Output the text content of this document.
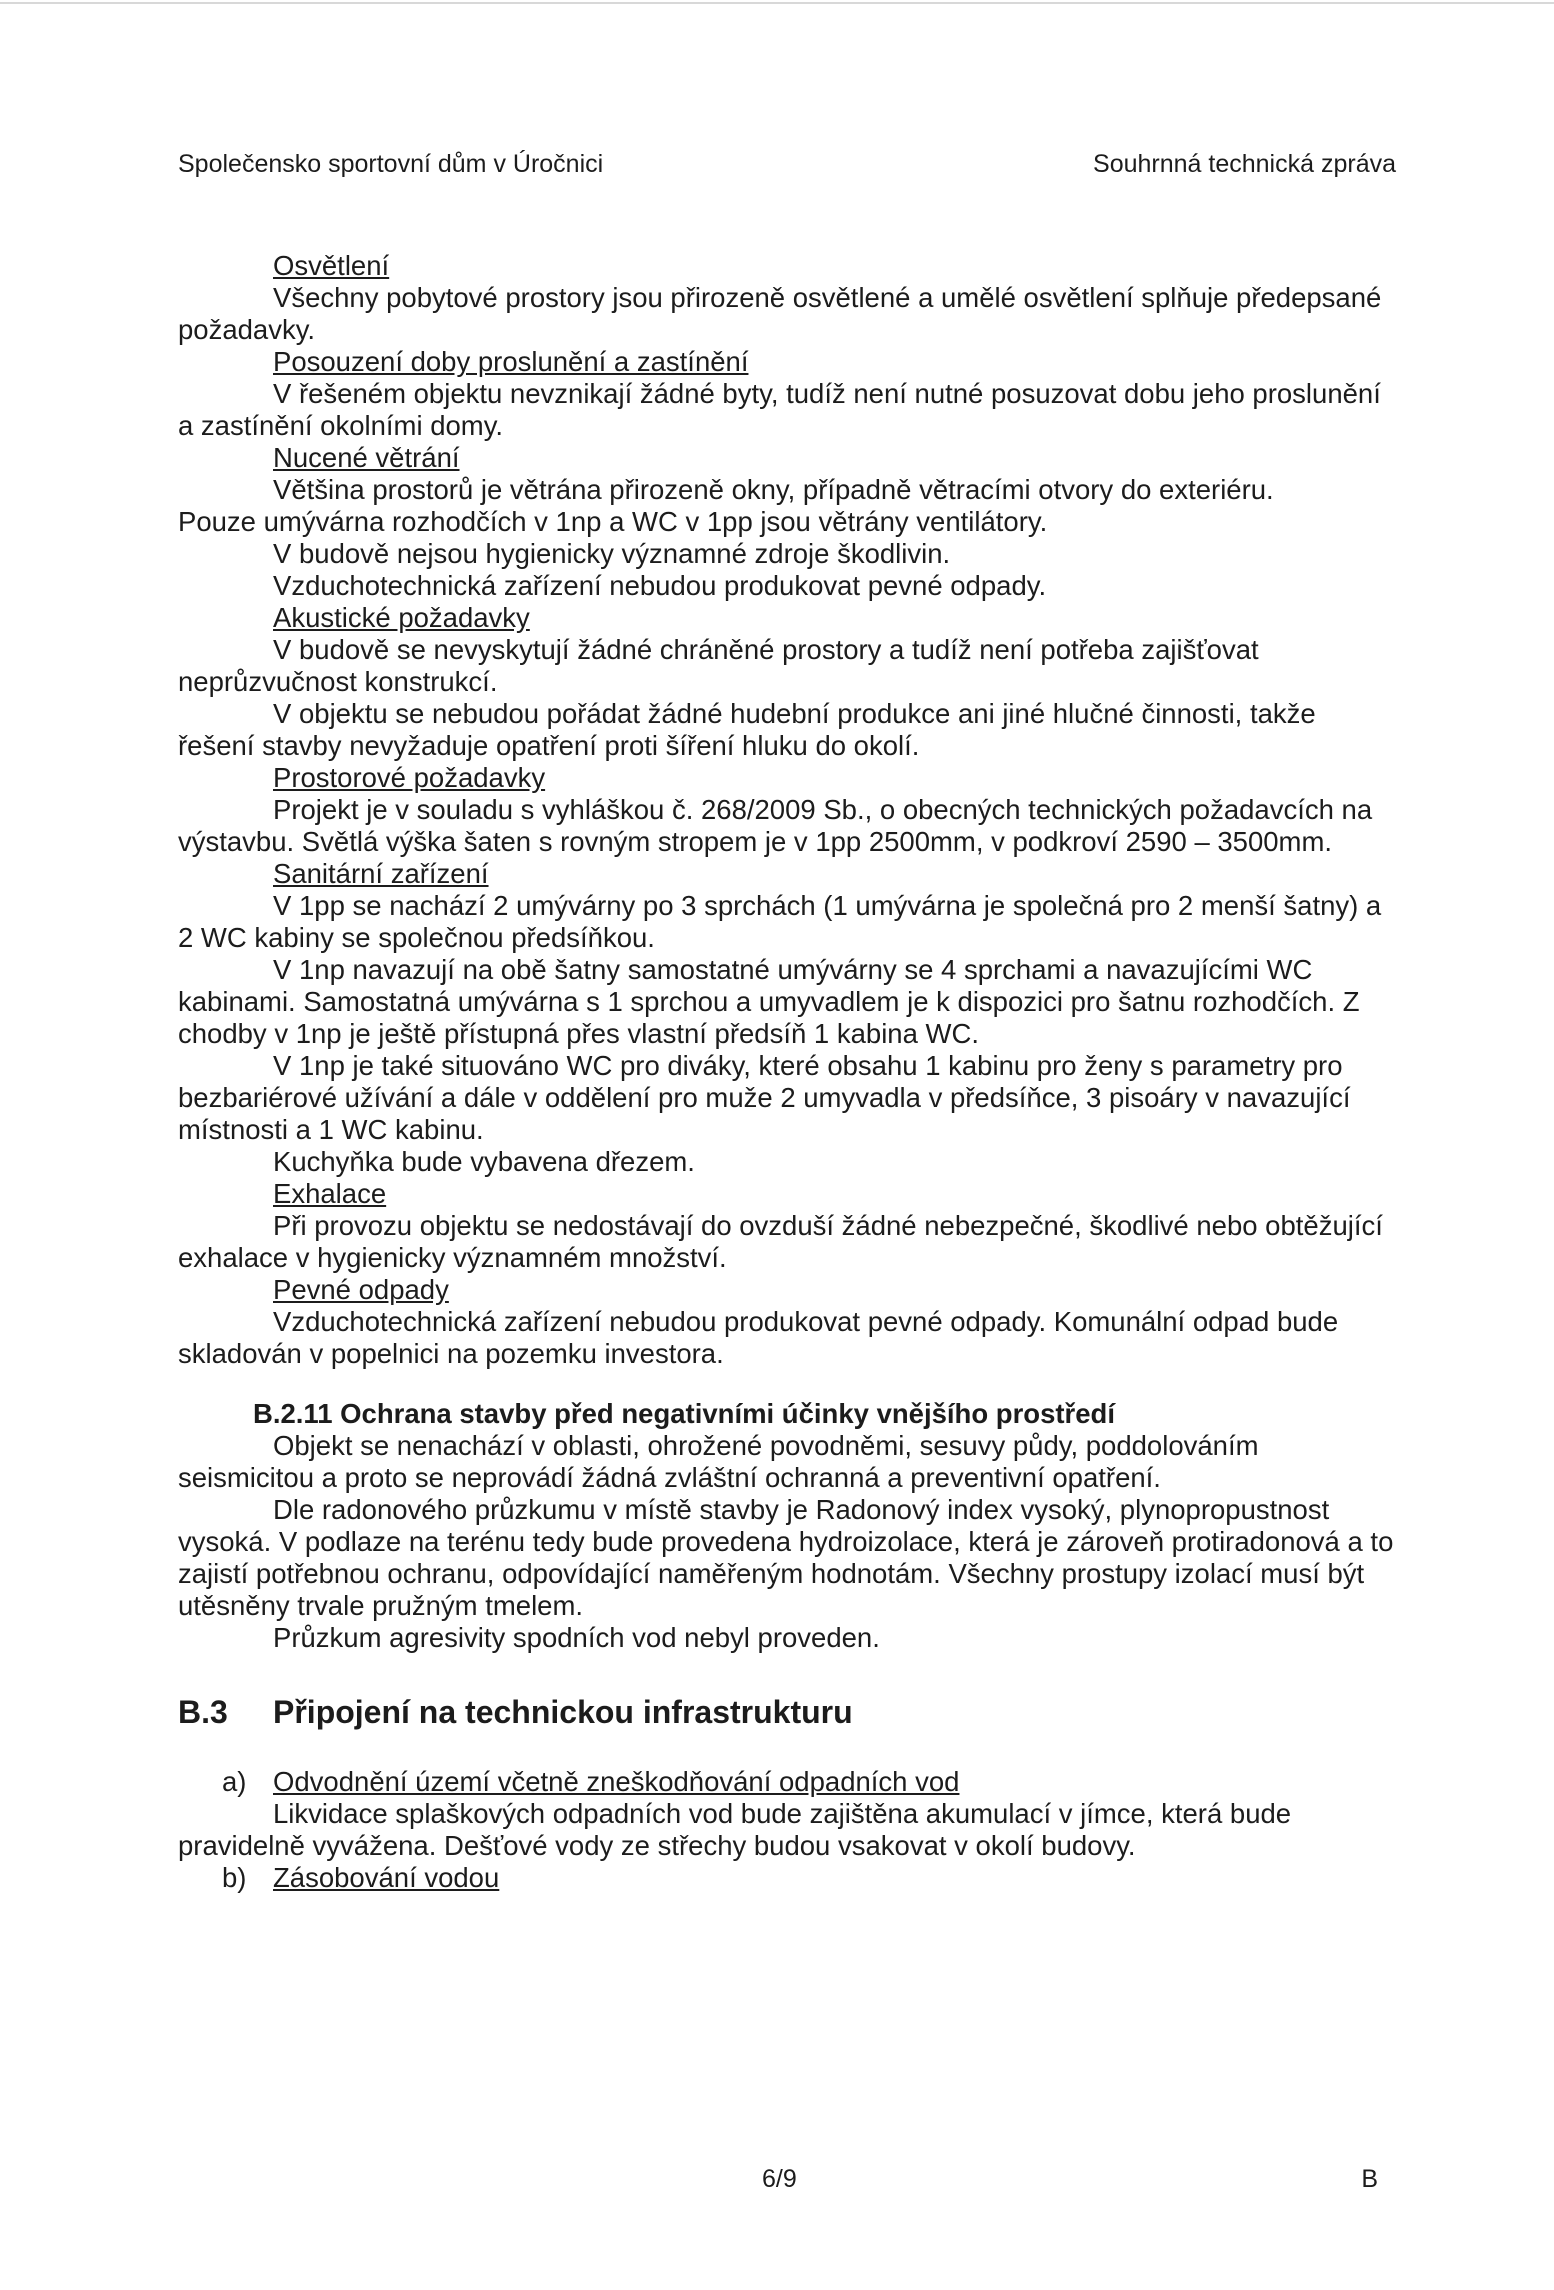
Společensko sportovní dům v Úročnici	Souhrnná technická zpráva
Osvětlení
Všechny pobytové prostory jsou přirozeně osvětlené a umělé osvětlení splňuje předepsané požadavky.
Posouzení doby proslunění a zastínění
V řešeném objektu nevznikají žádné byty, tudíž není nutné posuzovat dobu jeho proslunění a zastínění okolními domy.
Nucené větrání
Většina prostorů je větrána přirozeně okny, případně větracími otvory do exteriéru.
Pouze umývárna rozhodčích v 1np a WC v 1pp jsou větrány ventilátory.
V budově nejsou hygienicky významné zdroje škodlivin.
Vzduchotechnická zařízení nebudou produkovat pevné odpady.
Akustické požadavky
V budově se nevyskytují žádné chráněné prostory a tudíž není potřeba zajišťovat neprůzvučnost konstrukcí.
V objektu se nebudou pořádat žádné hudební produkce ani jiné hlučné činnosti, takže řešení stavby nevyžaduje opatření proti šíření hluku do okolí.
Prostorové požadavky
Projekt je v souladu s vyhláškou č. 268/2009 Sb., o obecných technických požadavcích na výstavbu. Světlá výška šaten s rovným stropem je v 1pp 2500mm, v podkroví 2590 – 3500mm.
Sanitární zařízení
V 1pp se nachází 2 umývárny po 3 sprchách (1 umývárna je společná pro 2 menší šatny) a 2 WC kabiny se společnou předsíňkou.
V 1np navazují na obě šatny samostatné umývárny se 4 sprchami a navazujícími WC kabinami. Samostatná umývárna s 1 sprchou a umyvadlem je k dispozici pro šatnu rozhodčích. Z chodby v 1np je ještě přístupná přes vlastní předsíň 1 kabina WC.
V 1np je také situováno WC pro diváky, které obsahu 1 kabinu pro ženy s parametry pro bezbariérové užívání a dále v oddělení pro muže 2 umyvadla v předsíňce, 3 pisoáry v navazující místnosti a 1 WC kabinu.
Kuchyňka bude vybavena dřezem.
Exhalace
Při provozu objektu se nedostávají do ovzduší žádné nebezpečné, škodlivé nebo obtěžující exhalace v hygienicky významném množství.
Pevné odpady
Vzduchotechnická zařízení nebudou produkovat pevné odpady. Komunální odpad bude skladován v popelnici na pozemku investora.
B.2.11 Ochrana stavby před negativními účinky vnějšího prostředí
Objekt se nenachází v oblasti, ohrožené povodněmi, sesuvy půdy, poddolováním seismicitou a proto se neprovádí žádná zvláštní ochranná a preventivní opatření.
Dle radonového průzkumu v místě stavby je Radonový index vysoký, plynopropustnost vysoká. V podlaze na terénu tedy bude provedena hydroizolace, která je zároveň protiradonová a to zajistí potřebnou ochranu, odpovídající naměřeným hodnotám. Všechny prostupy izolací musí být utěsněny trvale pružným tmelem.
Průzkum agresivity spodních vod nebyl proveden.
B.3	Připojení na technickou infrastrukturu
a) Odvodnění území včetně zneškodňování odpadních vod
Likvidace splaškových odpadních vod bude zajištěna akumulací v jímce, která bude pravidelně vyvážena. Dešťové vody ze střechy budou vsakovat v okolí budovy.
b) Zásobování vodou
6/9	B
